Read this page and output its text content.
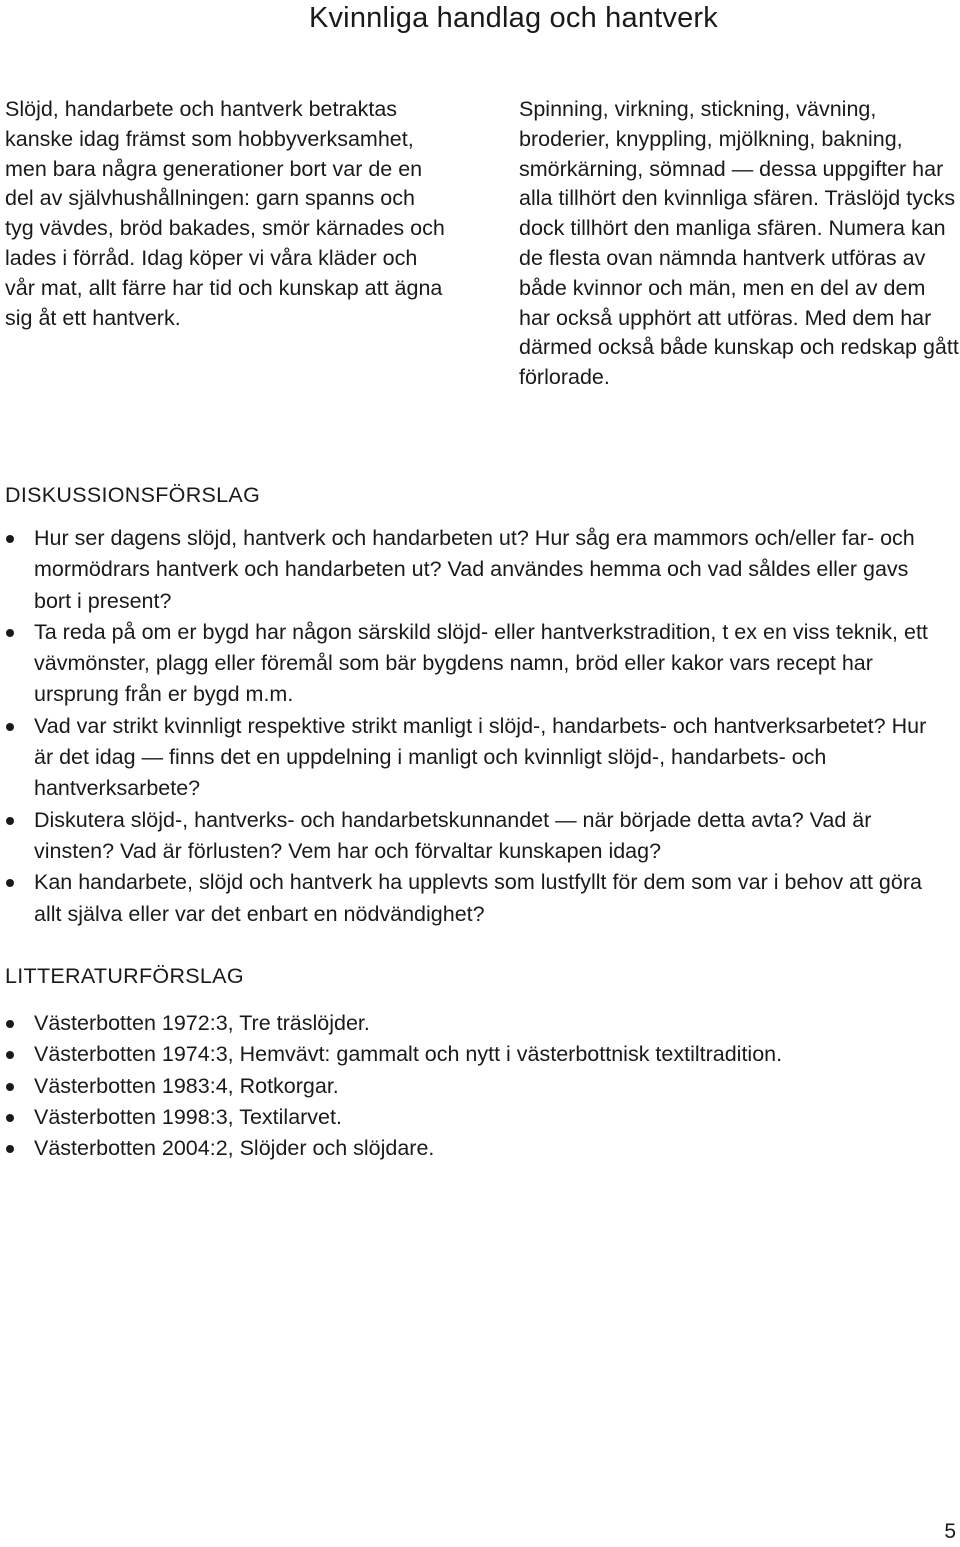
Kvinnliga handlag och hantverk

Slöjd, handarbete och hantverk betraktas kanske idag främst som hobbyverksamhet, men bara några generationer bort var de en del av självhushållningen: garn spanns och tyg vävdes, bröd bakades, smör kärnades och lades i förråd. Idag köper vi våra kläder och vår mat, allt färre har tid och kunskap att ägna sig åt ett hantverk.

Spinning, virkning, stickning, vävning, broderier, knyppling, mjölkning, bakning, smörkärning, sömnad — dessa uppgifter har alla tillhört den kvinnliga sfären. Träslöjd tycks dock tillhört den manliga sfären. Numera kan de flesta ovan nämnda hantverk utföras av både kvinnor och män, men en del av dem har också upphört att utföras. Med dem har därmed också både kunskap och redskap gått förlorade.

DISKUSSIONSFÖRSLAG
Hur ser dagens slöjd, hantverk och handarbeten ut? Hur såg era mammors och/eller far- och mormödrars hantverk och handarbeten ut? Vad användes hemma och vad såldes eller gavs bort i present?
Ta reda på om er bygd har någon särskild slöjd- eller hantverkstradition, t ex en viss teknik, ett vävmönster, plagg eller föremål som bär bygdens namn, bröd eller kakor vars recept har ursprung från er bygd m.m.
Vad var strikt kvinnligt respektive strikt manligt i slöjd-, handarbets- och hantverksarbetet? Hur är det idag — finns det en uppdelning i manligt och kvinnligt slöjd-, handarbets- och hantverksarbete?
Diskutera slöjd-, hantverks- och handarbetskunnandet — när började detta avta? Vad är vinsten? Vad är förlusten? Vem har och förvaltar kunskapen idag?
Kan handarbete, slöjd och hantverk ha upplevts som lustfyllt för dem som var i behov att göra allt själva eller var det enbart en nödvändighet?
LITTERATURFÖRSLAG
Västerbotten 1972:3, Tre träslöjder.
Västerbotten 1974:3, Hemvävt: gammalt och nytt i västerbottnisk textiltradition.
Västerbotten 1983:4, Rotkorgar.
Västerbotten 1998:3, Textilarvet.
Västerbotten 2004:2, Slöjder och slöjdare.
5
